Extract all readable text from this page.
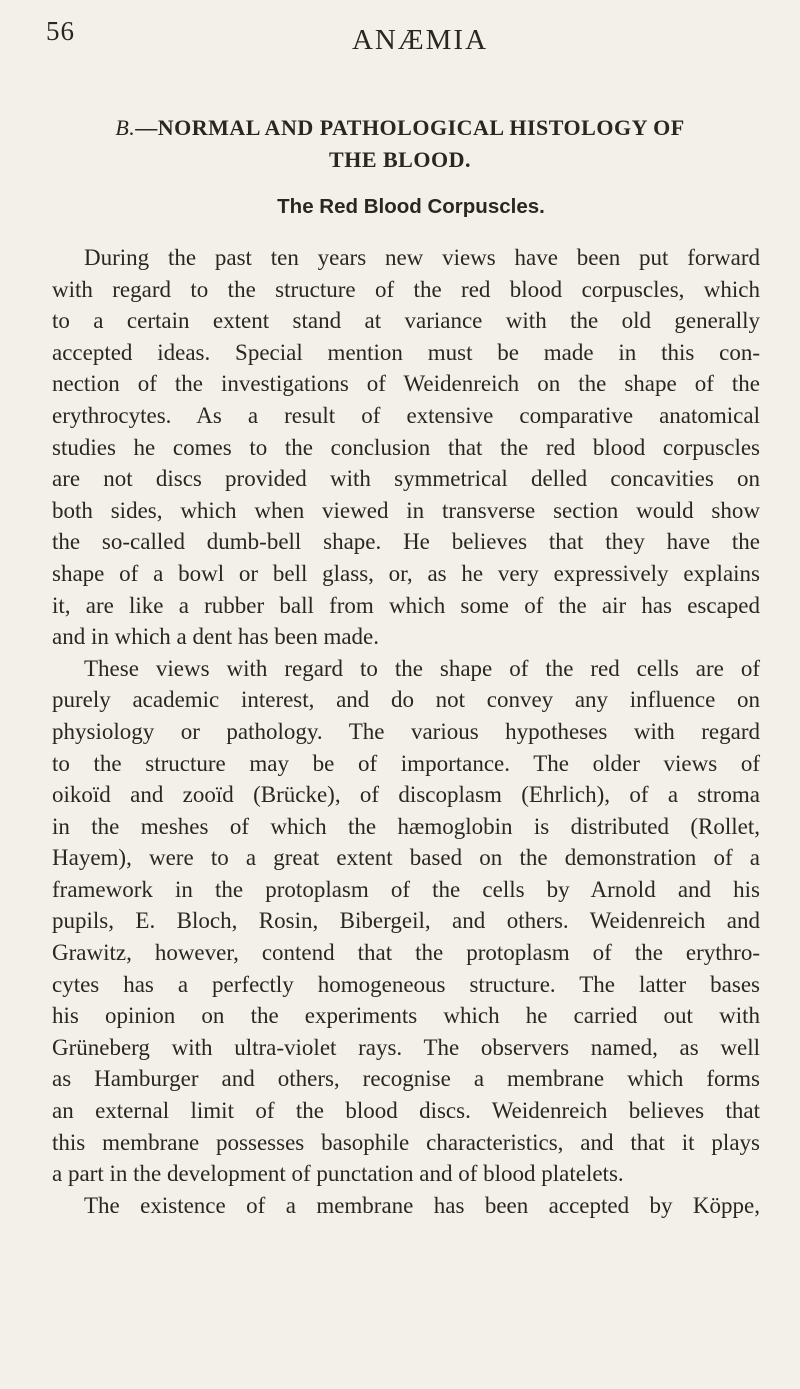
56	ANÆMIA
B.—NORMAL AND PATHOLOGICAL HISTOLOGY OF
THE BLOOD.
The Red Blood Corpuscles.
During the past ten years new views have been put forward
with regard to the structure of the red blood corpuscles, which
to a certain extent stand at variance with the old generally
accepted ideas. Special mention must be made in this con-
nection of the investigations of Weidenreich on the shape of the
erythrocytes. As a result of extensive comparative anatomical
studies he comes to the conclusion that the red blood corpuscles
are not discs provided with symmetrical delled concavities on
both sides, which when viewed in transverse section would show
the so-called dumb-bell shape. He believes that they have the
shape of a bowl or bell glass, or, as he very expressively explains
it, are like a rubber ball from which some of the air has escaped
and in which a dent has been made.
These views with regard to the shape of the red cells are of
purely academic interest, and do not convey any influence on
physiology or pathology. The various hypotheses with regard
to the structure may be of importance. The older views of
oikoïd and zooïd (Brücke), of discoplasm (Ehrlich), of a stroma
in the meshes of which the hæmoglobin is distributed (Rollet,
Hayem), were to a great extent based on the demonstration of a
framework in the protoplasm of the cells by Arnold and his
pupils, E. Bloch, Rosin, Bibergeil, and others. Weidenreich and
Grawitz, however, contend that the protoplasm of the erythro-
cytes has a perfectly homogeneous structure. The latter bases
his opinion on the experiments which he carried out with
Grüneberg with ultra-violet rays. The observers named, as well
as Hamburger and others, recognise a membrane which forms
an external limit of the blood discs. Weidenreich believes that
this membrane possesses basophile characteristics, and that it plays
a part in the development of punctation and of blood platelets.
The existence of a membrane has been accepted by Köppe,
